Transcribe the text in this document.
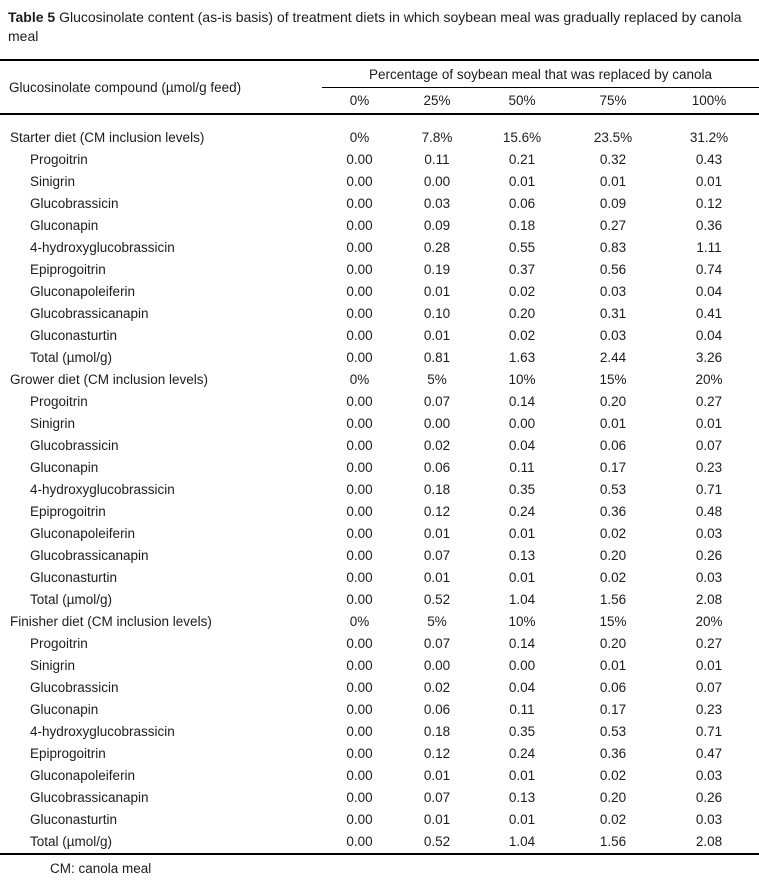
Table 5 Glucosinolate content (as-is basis) of treatment diets in which soybean meal was gradually replaced by canola meal
Glucosinolate compound (µmol/g feed)	Percentage of soybean meal that was replaced by canola				
	0%	25%	50%	75%	100%
Starter diet (CM inclusion levels)	0%	7.8%	15.6%	23.5%	31.2%
Progoitrin	0.00	0.11	0.21	0.32	0.43
Sinigrin	0.00	0.00	0.01	0.01	0.01
Glucobrassicin	0.00	0.03	0.06	0.09	0.12
Gluconapin	0.00	0.09	0.18	0.27	0.36
4-hydroxyglucobrassicin	0.00	0.28	0.55	0.83	1.11
Epiprogoitrin	0.00	0.19	0.37	0.56	0.74
Gluconapoleiferin	0.00	0.01	0.02	0.03	0.04
Glucobrassicanapin	0.00	0.10	0.20	0.31	0.41
Gluconasturtin	0.00	0.01	0.02	0.03	0.04
Total (µmol/g)	0.00	0.81	1.63	2.44	3.26
Grower diet (CM inclusion levels)	0%	5%	10%	15%	20%
Progoitrin	0.00	0.07	0.14	0.20	0.27
Sinigrin	0.00	0.00	0.00	0.01	0.01
Glucobrassicin	0.00	0.02	0.04	0.06	0.07
Gluconapin	0.00	0.06	0.11	0.17	0.23
4-hydroxyglucobrassicin	0.00	0.18	0.35	0.53	0.71
Epiprogoitrin	0.00	0.12	0.24	0.36	0.48
Gluconapoleiferin	0.00	0.01	0.01	0.02	0.03
Glucobrassicanapin	0.00	0.07	0.13	0.20	0.26
Gluconasturtin	0.00	0.01	0.01	0.02	0.03
Total (µmol/g)	0.00	0.52	1.04	1.56	2.08
Finisher diet (CM inclusion levels)	0%	5%	10%	15%	20%
Progoitrin	0.00	0.07	0.14	0.20	0.27
Sinigrin	0.00	0.00	0.00	0.01	0.01
Glucobrassicin	0.00	0.02	0.04	0.06	0.07
Gluconapin	0.00	0.06	0.11	0.17	0.23
4-hydroxyglucobrassicin	0.00	0.18	0.35	0.53	0.71
Epiprogoitrin	0.00	0.12	0.24	0.36	0.47
Gluconapoleiferin	0.00	0.01	0.01	0.02	0.03
Glucobrassicanapin	0.00	0.07	0.13	0.20	0.26
Gluconasturtin	0.00	0.01	0.01	0.02	0.03
Total (µmol/g)	0.00	0.52	1.04	1.56	2.08
CM: canola meal
